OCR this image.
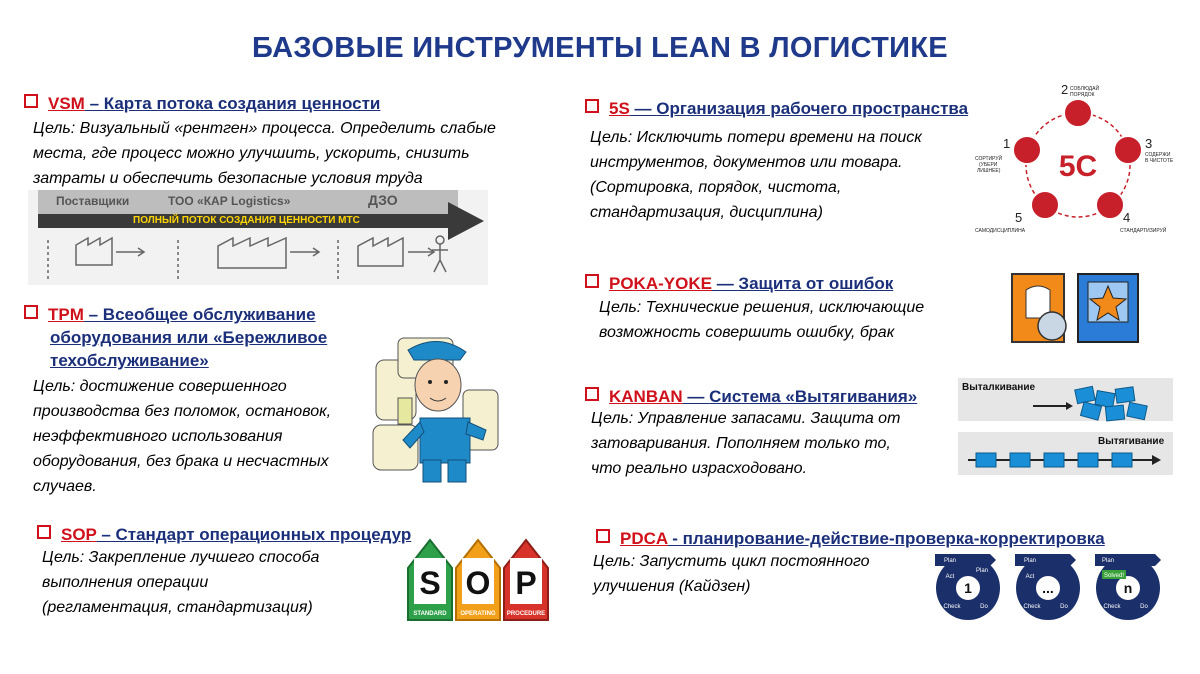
БАЗОВЫЕ ИНСТРУМЕНТЫ LEAN В ЛОГИСТИКЕ
VSM – Карта потока создания ценности
Цель: Визуальный «рентген» процесса. Определить слабые
места, где процесс можно улучшить, ускорить, снизить
затраты и обеспечить безопасные условия труда
Поставщики	ТОО «КАР Logistics»	ДЗО
ПОЛНЫЙ ПОТОК СОЗДАНИЯ ЦЕННОСТИ МТС
TPM – Всеобщее обслуживание
оборудования или «Бережливое
техобслуживание»
Цель: достижение совершенного
производства без поломок, остановок,
неэффективного использования
оборудования, без брака и несчастных
случаев.
SOP – Стандарт операционных процедур
Цель: Закрепление лучшего способа
выполнения операции
(регламентация, стандартизация)
S O P
STANDARD OPERATING PROCEDURE
5S — Организация рабочего пространства
Цель: Исключить потери времени на поиск
инструментов, документов или товара.
(Сортировка, порядок, чистота,
стандартизация, дисциплина)
5С
1
СОРТИРУЙ
(УБЕРИ
ЛИШНЕЕ)
2 СОБЛЮДАЙ
ПОРЯДОК
3
СОДЕРЖИ
В ЧИСТОТЕ
4
СТАНДАРТИЗИРУЙ
5
САМОДИСЦИПЛИНА
POKA-YOKE — Защита от ошибок
Цель: Технические решения, исключающие
возможность совершить ошибку, брак
KANBAN — Система «Вытягивания»
Цель: Управление запасами. Защита от
затоваривания. Пополняем только то,
что реально израсходовано.
Выталкивание
Вытягивание
PDCA - планирование-действие-проверка-корректировка
Цель: Запустить цикл постоянного
улучшения (Кайдзен)
Plan
Plan
Act
Check	Do
Plan
Act
Check	Do
Plan
Solved!
Check	Do
1	...	n
